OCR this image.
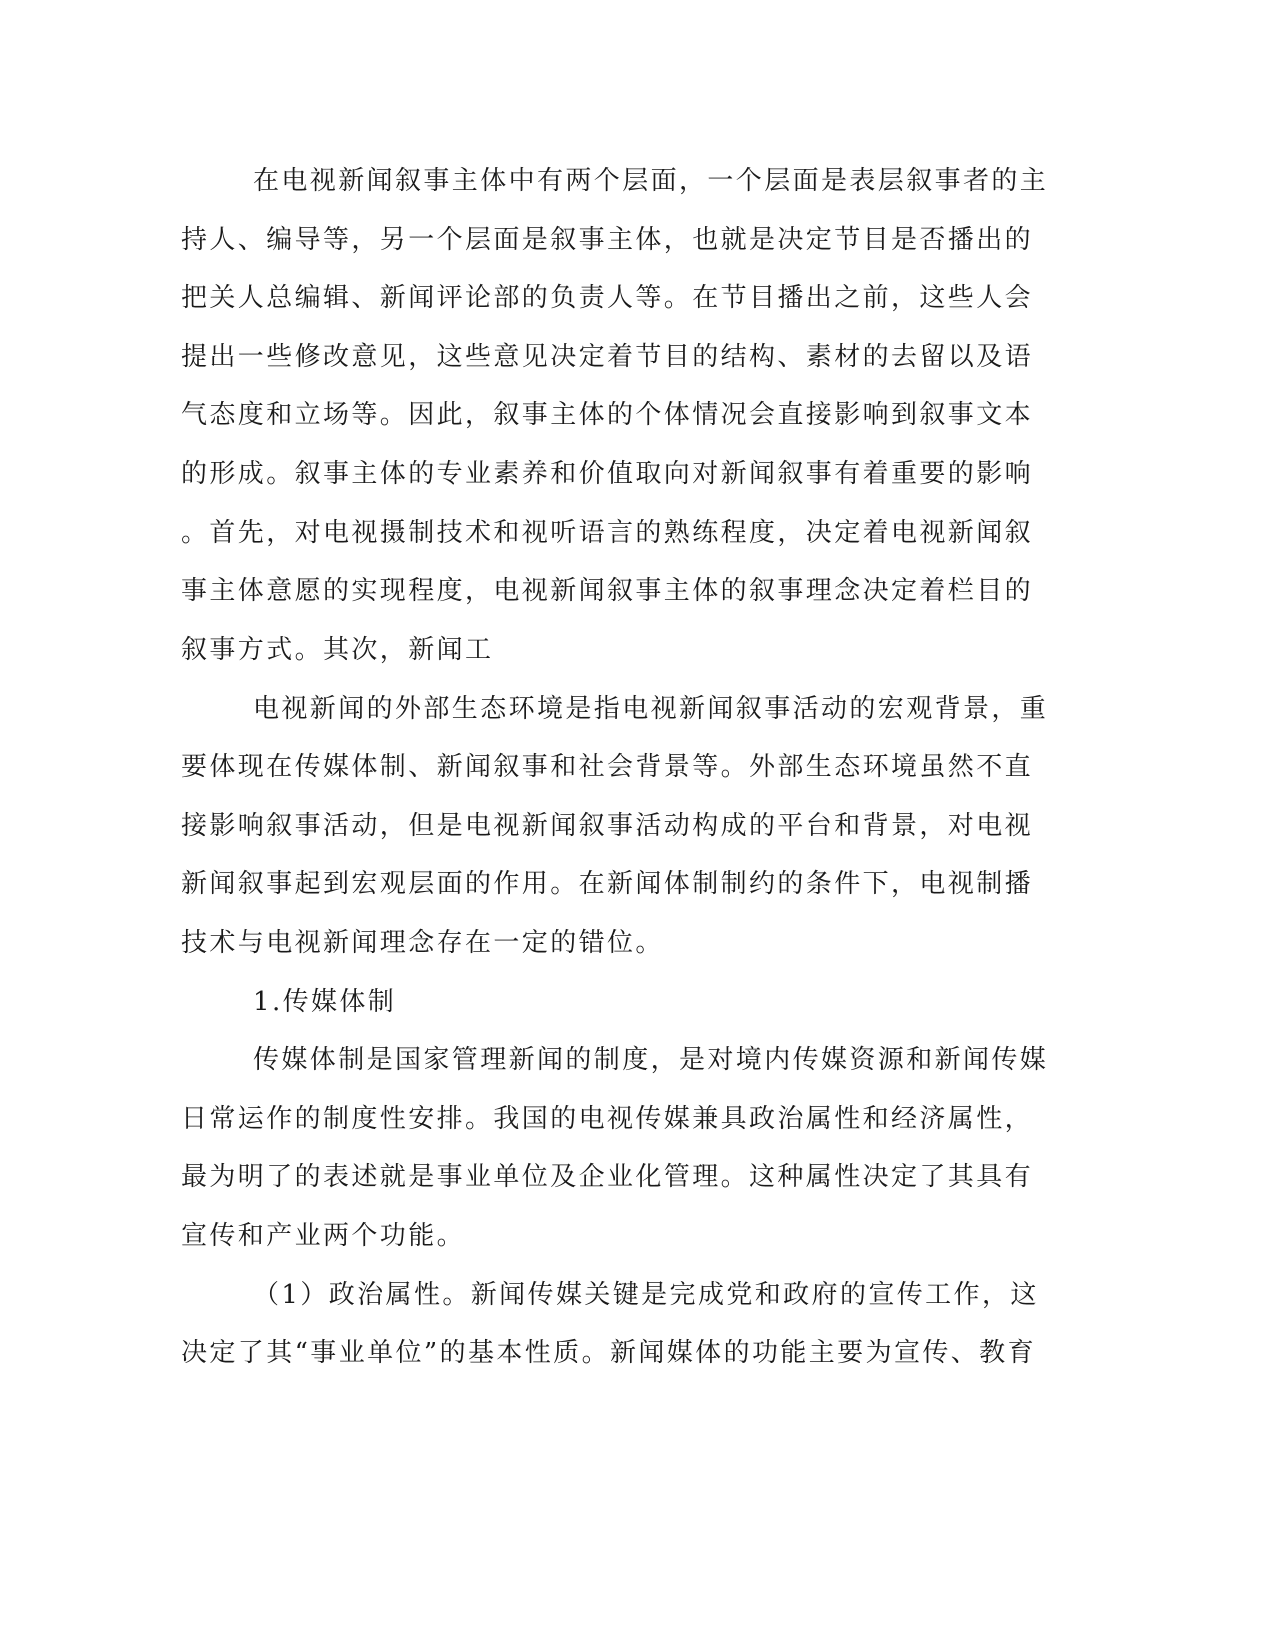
在电视新闻叙事主体中有两个层面，一个层面是表层叙事者的主
持人、编导等，另一个层面是叙事主体，也就是决定节目是否播出的
把关人总编辑、新闻评论部的负责人等。在节目播出之前，这些人会
提出一些修改意见，这些意见决定着节目的结构、素材的去留以及语
气态度和立场等。因此，叙事主体的个体情况会直接影响到叙事文本
的形成。叙事主体的专业素养和价值取向对新闻叙事有着重要的影响
。首先，对电视摄制技术和视听语言的熟练程度，决定着电视新闻叙
事主体意愿的实现程度，电视新闻叙事主体的叙事理念决定着栏目的
叙事方式。其次，新闻工
电视新闻的外部生态环境是指电视新闻叙事活动的宏观背景，重
要体现在传媒体制、新闻叙事和社会背景等。外部生态环境虽然不直
接影响叙事活动，但是电视新闻叙事活动构成的平台和背景，对电视
新闻叙事起到宏观层面的作用。在新闻体制制约的条件下，电视制播
技术与电视新闻理念存在一定的错位。
1.传媒体制
传媒体制是国家管理新闻的制度，是对境内传媒资源和新闻传媒
日常运作的制度性安排。我国的电视传媒兼具政治属性和经济属性，
最为明了的表述就是事业单位及企业化管理。这种属性决定了其具有
宣传和产业两个功能。
（1）政治属性。新闻传媒关键是完成党和政府的宣传工作，这
决定了其“事业单位”的基本性质。新闻媒体的功能主要为宣传、教育
